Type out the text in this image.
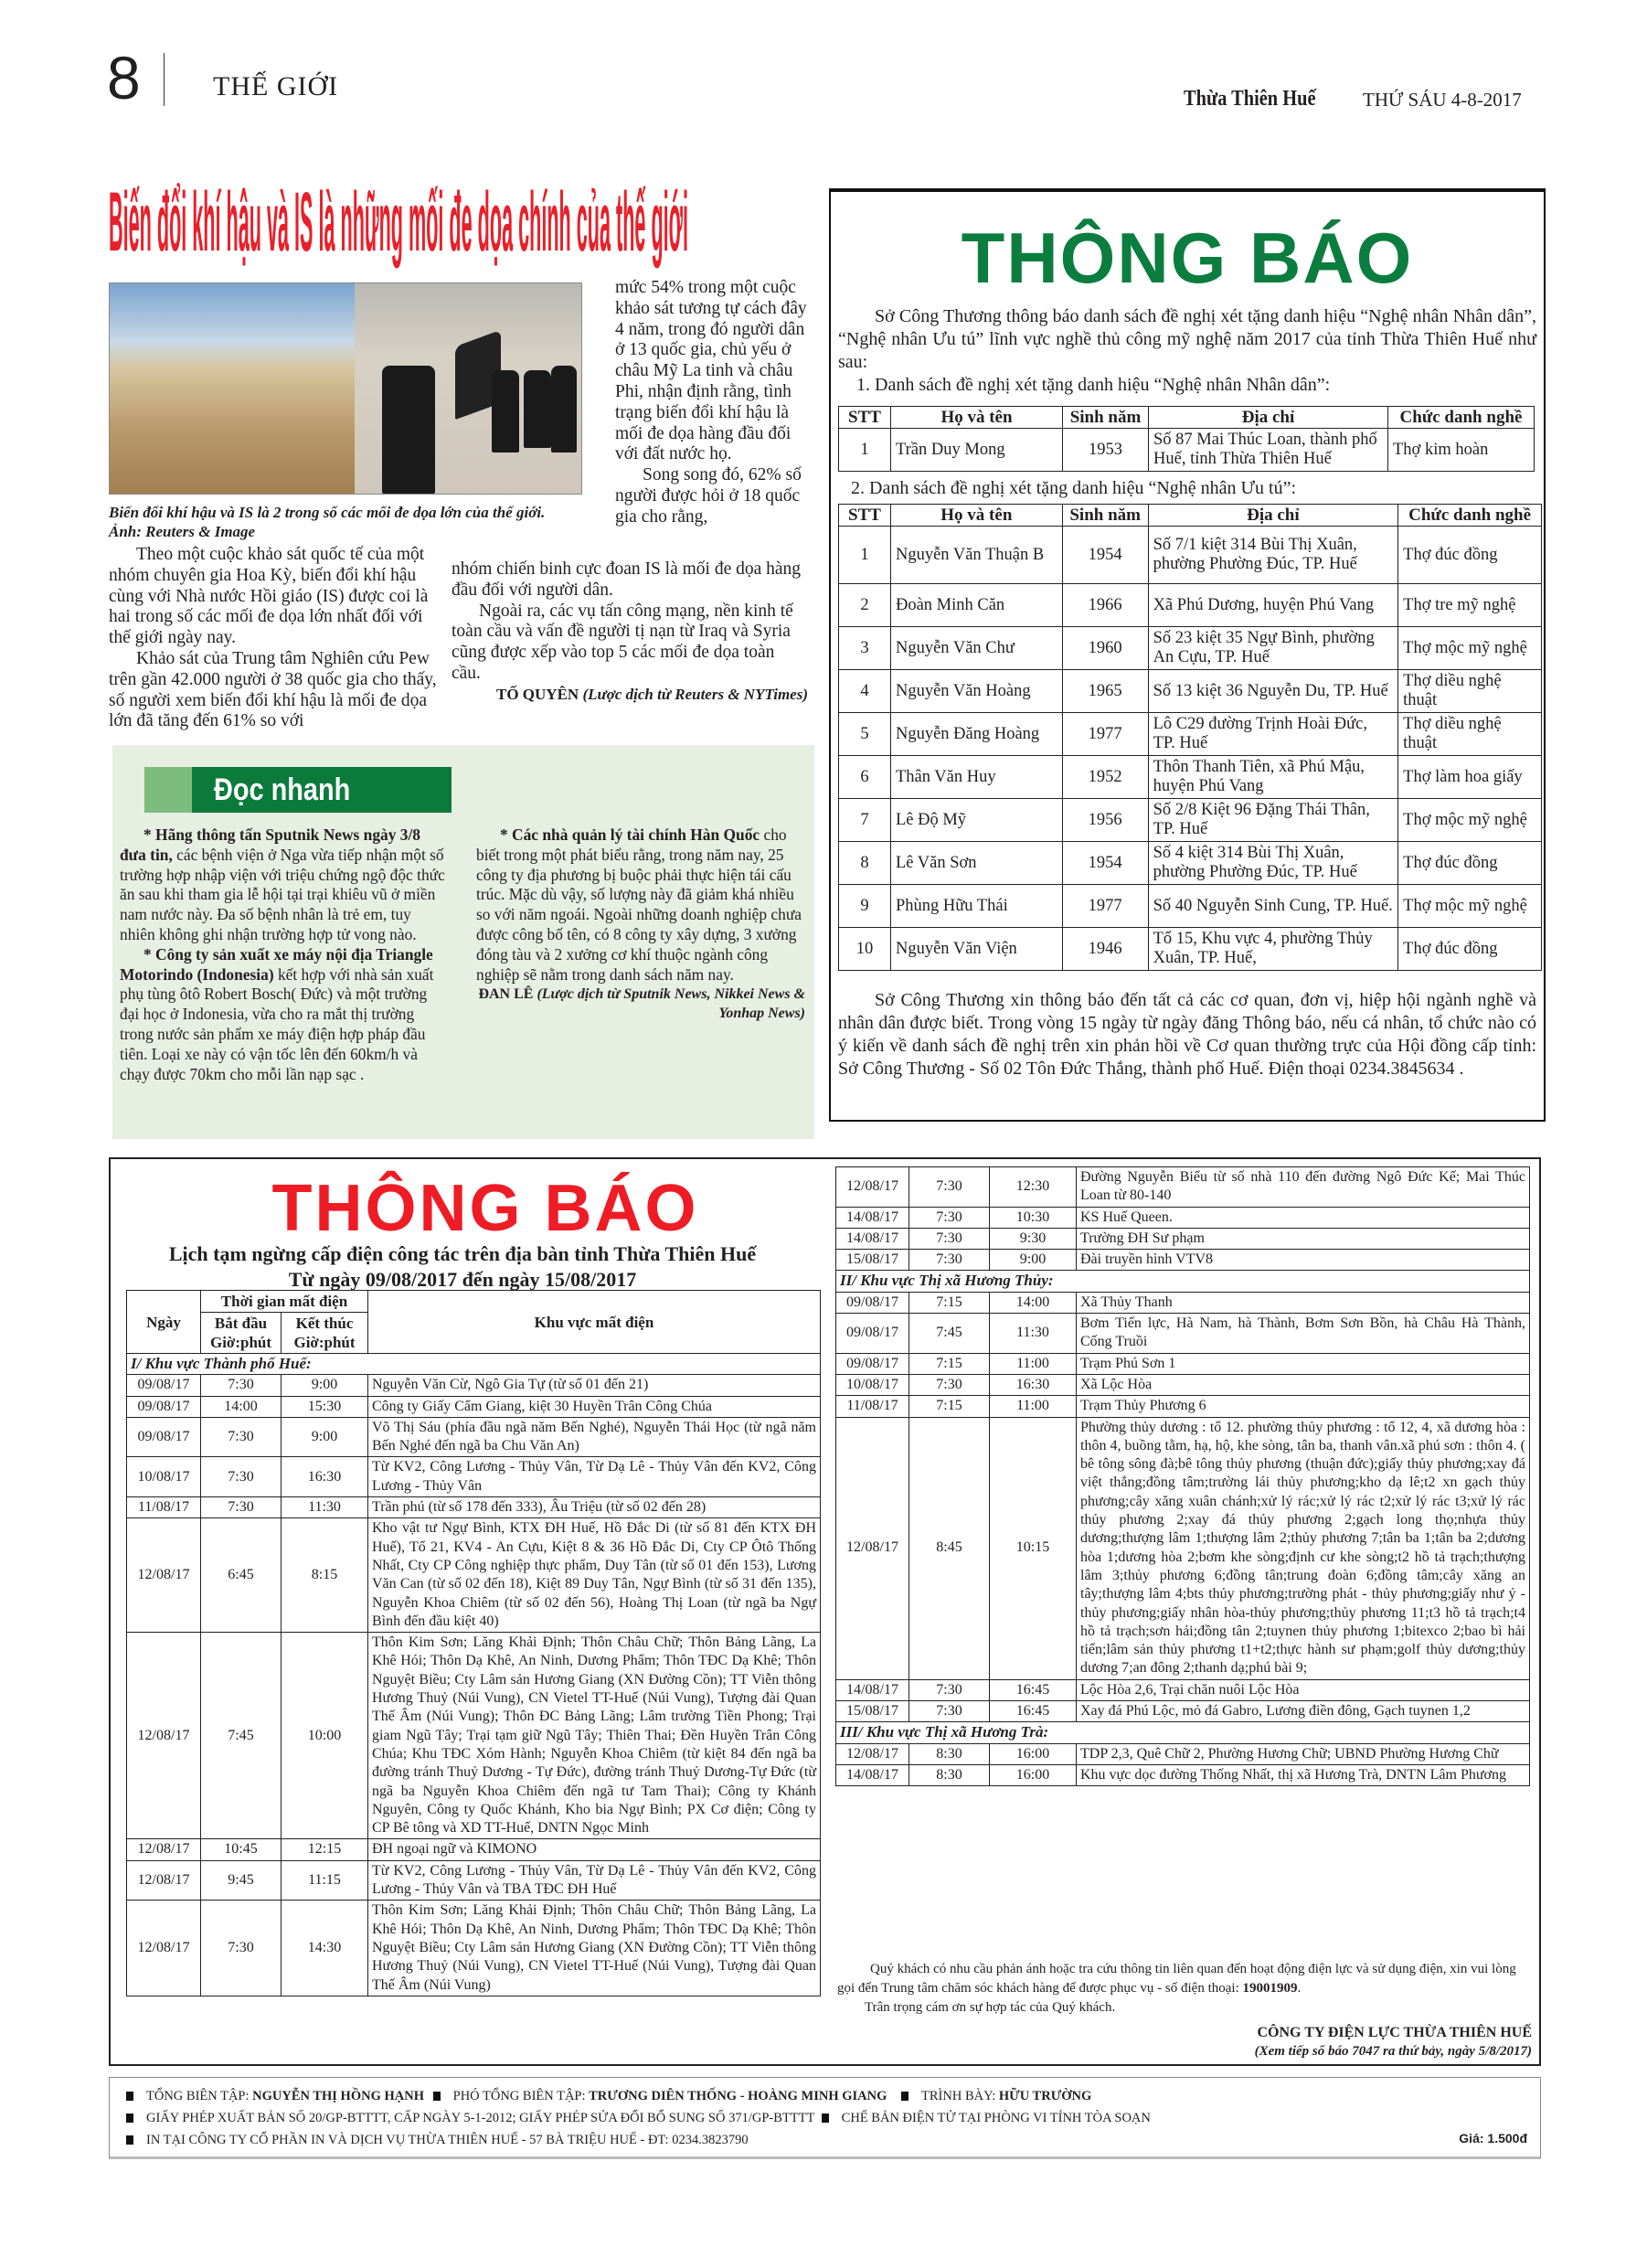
8	THẾ GIỚI	Thừa Thiên Huế THỨ SÁU 4-8-2017
Biến đổi khí hậu và IS là những mối đe dọa chính của thế giới
Biến đổi khí hậu và IS là 2 trong số các mối đe dọa lớn của thế giới.
Ảnh: Reuters & Image

Theo một cuộc khảo sát quốc tế của một nhóm chuyên gia Hoa Kỳ, biến đổi khí hậu cùng với Nhà nước Hồi giáo (IS) được coi là hai trong số các mối đe dọa lớn nhất đối với thế giới ngày nay.

Khảo sát của Trung tâm Nghiên cứu Pew trên gần 42.000 người ở 38 quốc gia cho thấy, số người xem biến đổi khí hậu là mối đe dọa lớn đã tăng đến 61% so với

mức 54% trong một cuộc khảo sát tương tự cách đây 4 năm, trong đó người dân ở 13 quốc gia, chủ yếu ở châu Mỹ La tinh và châu Phi, nhận định rằng, tình trạng biến đổi khí hậu là mối đe dọa hàng đầu đối với đất nước họ.

Song song đó, 62% số người được hỏi ở 18 quốc gia cho rằng,

nhóm chiến binh cực đoan IS là mối đe dọa hàng đầu đối với người dân.

Ngoài ra, các vụ tấn công mạng, nền kinh tế toàn cầu và vấn đề người tị nạn từ Iraq và Syria cũng được xếp vào top 5 các mối đe dọa toàn cầu.

TỐ QUYÊN (Lược dịch từ Reuters & NYTimes)
Đọc nhanh

* Hãng thông tấn Sputnik News ngày 3/8 đưa tin, các bệnh viện ở Nga vừa tiếp nhận một số trường hợp nhập viện với triệu chứng ngộ độc thức ăn sau khi tham gia lễ hội tại trại khiêu vũ ở miền nam nước này. Đa số bệnh nhân là trẻ em, tuy nhiên không ghi nhận trường hợp tử vong nào.

* Công ty sản xuất xe máy nội địa Triangle Motorindo (Indonesia) kết hợp với nhà sản xuất phụ tùng ôtô Robert Bosch( Đức) và một trường đại học ở Indonesia, vừa cho ra mắt thị trường trong nước sản phẩm xe máy điện hợp pháp đầu tiên. Loại xe này có vận tốc lên đến 60km/h và chạy được 70km cho mỗi lần nạp sạc .

* Các nhà quản lý tài chính Hàn Quốc cho biết trong một phát biểu rằng, trong năm nay, 25 công ty địa phương bị buộc phải thực hiện tái cấu trúc. Mặc dù vậy, số lượng này đã giảm khá nhiều so với năm ngoái. Ngoài những doanh nghiệp chưa được công bố tên, có 8 công ty xây dựng, 3 xưởng đóng tàu và 2 xưởng cơ khí thuộc ngành công nghiệp sẽ nằm trong danh sách năm nay.

ĐAN LÊ (Lược dịch từ Sputnik News, Nikkei News & Yonhap News)
THÔNG BÁO

Sở Công Thương thông báo danh sách đề nghị xét tặng danh hiệu “Nghệ nhân Nhân dân”, “Nghệ nhân Ưu tú” lĩnh vực nghề thủ công mỹ nghệ năm 2017 của tỉnh Thừa Thiên Huế như sau:

1. Danh sách đề nghị xét tặng danh hiệu “Nghệ nhân Nhân dân”:

STT	Họ và tên	Sinh năm	Địa chỉ	Chức danh nghề
1	Trần Duy Mong	1953	Số 87 Mai Thúc Loan, thành phố Huế, tỉnh Thừa Thiên Huế	Thợ kim hoàn

2. Danh sách đề nghị xét tặng danh hiệu “Nghệ nhân Ưu tú”:

STT	Họ và tên	Sinh năm	Địa chỉ	Chức danh nghề
1	Nguyễn Văn Thuận B	1954	Số 7/1 kiệt 314 Bùi Thị Xuân, phường Phường Đúc, TP. Huế	Thợ đúc đồng
2	Đoàn Minh Căn	1966	Xã Phú Dương, huyện Phú Vang	Thợ tre mỹ nghệ
3	Nguyễn Văn Chư	1960	Số 23 kiệt 35 Ngự Bình, phường An Cựu, TP. Huế	Thợ mộc mỹ nghệ
4	Nguyễn Văn Hoàng	1965	Số 13 kiệt 36 Nguyễn Du, TP. Huế	Thợ diều nghệ thuật
5	Nguyễn Đăng Hoàng	1977	Lô C29 đường Trịnh Hoài Đức, TP. Huế	Thợ diều nghệ thuật
6	Thân Văn Huy	1952	Thôn Thanh Tiên, xã Phú Mậu, huyện Phú Vang	Thợ làm hoa giấy
7	Lê Độ Mỹ	1956	Số 2/8 Kiệt 96 Đặng Thái Thân, TP. Huế	Thợ mộc mỹ nghệ
8	Lê Văn Sơn	1954	Số 4 kiệt 314 Bùi Thị Xuân, phường Phường Đúc, TP. Huế	Thợ đúc đồng
9	Phùng Hữu Thái	1977	Số 40 Nguyễn Sinh Cung, TP. Huế.	Thợ mộc mỹ nghệ
10	Nguyễn Văn Viện	1946	Tổ 15, Khu vực 4, phường Thủy Xuân, TP. Huế,	Thợ đúc đồng

Sở Công Thương xin thông báo đến tất cả các cơ quan, đơn vị, hiệp hội ngành nghề và nhân dân được biết. Trong vòng 15 ngày từ ngày đăng Thông báo, nếu cá nhân, tổ chức nào có ý kiến về danh sách đề nghị trên xin phản hồi về Cơ quan thường trực của Hội đồng cấp tỉnh: Sở Công Thương - Số 02 Tôn Đức Thắng, thành phố Huế. Điện thoại 0234.3845634 .

THÔNG BÁO
Lịch tạm ngừng cấp điện công tác trên địa bàn tỉnh Thừa Thiên Huế
Từ ngày 09/08/2017 đến ngày 15/08/2017
Ngày	Thời gian mất điện		Khu vực mất điện
	Bắt đầu Giờ:phút	Kết thúc Giờ:phút	
I/ Khu vực Thành phố Huế:			
09/08/17	7:30	9:00	Nguyễn Văn Cừ, Ngô Gia Tự (từ số 01 đến 21)
09/08/17	14:00	15:30	Công ty Giấy Cẩm Giang, kiệt 30 Huyền Trân Công Chúa
09/08/17	7:30	9:00	Võ Thị Sáu (phía đầu ngã năm Bến Nghé), Nguyễn Thái Học (từ ngã năm Bến Nghé đến ngã ba Chu Văn An)
10/08/17	7:30	16:30	Từ KV2, Công Lương - Thủy Vân, Từ Dạ Lê - Thủy Vân đến KV2, Công Lương - Thủy Vân
11/08/17	7:30	11:30	Trần phú (từ số 178 đến 333), Âu Triệu (từ số 02 đến 28)
12/08/17	6:45	8:15	Kho vật tư Ngự Bình, KTX ĐH Huế, Hồ Đắc Di (từ số 81 đến KTX ĐH Huế), Tổ 21, KV4 - An Cựu, Kiệt 8 & 36 Hồ Đắc Di, Cty CP Ôtô Thống Nhất, Cty CP Công nghiệp thực phẩm, Duy Tân (từ số 01 đến 153), Lương Văn Can (từ số 02 đến 18), Kiệt 89 Duy Tân, Ngự Bình (từ số 31 đến 135), Nguyễn Khoa Chiêm (từ số 02 đến 56), Hoàng Thị Loan (từ ngã ba Ngự Bình đến đầu kiệt 40)
12/08/17	7:45	10:00	Thôn Kim Sơn; Lăng Khải Định; Thôn Châu Chữ; Thôn Bảng Lãng, La Khê Hói; Thôn Dạ Khê, An Ninh, Dương Phẩm; Thôn TĐC Dạ Khê; Thôn Nguyệt Biều; Cty Lâm sản Hương Giang (XN Đường Cồn); TT Viễn thông Hương Thuỷ (Núi Vung), CN Vietel TT-Huế (Núi Vung), Tượng đài Quan Thế Âm (Núi Vung); Thôn ĐC Bảng Lãng; Lâm trường Tiền Phong; Trại giam Ngũ Tây; Trại tạm giữ Ngũ Tây; Thiên Thai; Đền Huyền Trân Công Chúa; Khu TĐC Xóm Hành; Nguyễn Khoa Chiêm (từ kiệt 84 đến ngã ba đường tránh Thuỷ Dương - Tự Đức), đường tránh Thuỷ Dương-Tự Đức (từ ngã ba Nguyễn Khoa Chiêm đến ngã tư Tam Thai); Công ty Khánh Nguyên, Công ty Quốc Khánh, Kho bia Ngự Bình; PX Cơ điện; Công ty CP Bê tông và XD TT-Huế, DNTN Ngọc Minh
12/08/17	10:45	12:15	ĐH ngoại ngữ và KIMONO
12/08/17	9:45	11:15	Từ KV2, Công Lương - Thủy Vân, Từ Dạ Lê - Thủy Vân đến KV2, Công Lương - Thủy Vân và TBA TĐC ĐH Huế
12/08/17	7:30	14:30	Thôn Kim Sơn; Lăng Khải Định; Thôn Châu Chữ; Thôn Bảng Lãng, La Khê Hói; Thôn Dạ Khê, An Ninh, Dương Phẩm; Thôn TĐC Dạ Khê; Thôn Nguyệt Biều; Cty Lâm sản Hương Giang (XN Đường Cồn); TT Viễn thông Hương Thuỷ (Núi Vung), CN Vietel TT-Huế (Núi Vung), Tượng đài Quan Thế Âm (Núi Vung)
12/08/17	7:30	12:30	Đường Nguyễn Biểu từ số nhà 110 đến đường Ngô Đức Kế; Mai Thúc Loan từ 80-140
14/08/17	7:30	10:30	KS Huế Queen.
14/08/17	7:30	9:30	Trường ĐH Sư phạm
15/08/17	7:30	9:00	Đài truyền hình VTV8
II/ Khu vực Thị xã Hương Thủy:			
09/08/17	7:15	14:00	Xã Thủy Thanh
09/08/17	7:45	11:30	Bơm Tiến lực, Hà Nam, hà Thành, Bơm Sơn Bồn, hà Châu Hà Thành, Cống Truồi
09/08/17	7:15	11:00	Trạm Phú Sơn 1
10/08/17	7:30	16:30	Xã Lộc Hòa
11/08/17	7:15	11:00	Trạm Thủy Phương 6
12/08/17	8:45	10:15	Phường thủy dương : tổ 12. phường thủy phương : tổ 12, 4, xã dương hòa : thôn 4, buồng tằm, hạ, hộ, khe sòng, tân ba, thanh vân.xã phú sơn : thôn 4. ( bê tông sông đà;bê tông thủy phương (thuận đức);giấy thủy phương;xay đá việt thắng;đồng tâm;trường lái thủy phương;kho dạ lê;t2 xn gạch thủy phương;cây xăng xuân chánh;xử lý rác;xử lý rác t2;xử lý rác t3;xử lý rác thủy phương 2;xay đá thủy phương 2;gạch long thọ;nhựa thủy dương;thượng lâm 1;thượng lâm 2;thủy phương 7;tân ba 1;tân ba 2;dương hòa 1;dương hòa 2;bơm khe sòng;định cư khe sòng;t2 hồ tả trạch;thượng lâm 3;thủy phương 6;đồng tân;trung đoàn 6;đồng tâm;cây xăng an tây;thượng lâm 4;bts thủy phương;trường phát - thủy phương;giấy như ý - thủy phương;giấy nhân hòa-thủy phương;thủy phương 11;t3 hồ tả trạch;t4 hồ tả trạch;sơn hải;đồng tân 2;tuynen thủy phương 1;bitexco 2;bao bì hải tiến;lâm sản thủy phương t1+t2;thực hành sư phạm;golf thủy dương;thủy dương 7;an đông 2;thanh dạ;phú bài 9;
14/08/17	7:30	16:45	Lộc Hòa 2,6, Trại chăn nuôi Lộc Hòa
15/08/17	7:30	16:45	Xay đá Phú Lộc, mỏ đá Gabro, Lương điền đông, Gạch tuynen 1,2
III/ Khu vực Thị xã Hương Trà:			
12/08/17	8:30	16:00	TDP 2,3, Quê Chữ 2, Phường Hương Chữ; UBND Phường Hương Chữ
14/08/17	8:30	16:00	Khu vực dọc đường Thống Nhất, thị xã Hương Trà, DNTN Lâm Phương

Quý khách có nhu cầu phản ánh hoặc tra cứu thông tin liên quan đến hoạt động điện lực và sử dụng điện, xin vui lòng gọi đến Trung tâm chăm sóc khách hàng để được phục vụ - số điện thoại: 19001909.

Trân trọng cám ơn sự hợp tác của Quý khách.

CÔNG TY ĐIỆN LỰC THỪA THIÊN HUẾ

(Xem tiếp số báo 7047 ra thứ bảy, ngày 5/8/2017)

TỔNG BIÊN TẬP: NGUYỄN THỊ HỒNG HẠNH PHÓ TỔNG BIÊN TẬP: TRƯƠNG DIÊN THỐNG - HOÀNG MINH GIANG	TRÌNH BÀY: HỮU TRƯỜNG
GIẤY PHÉP XUẤT BẢN SỐ 20/GP-BTTTT, CẤP NGÀY 5-1-2012; GIẤY PHÉP SỬA ĐỔI BỔ SUNG SỐ 371/GP-BTTTT CHẾ BẢN ĐIỆN TỬ TẠI PHÒNG VI TÍNH TÒA SOẠN
IN TẠI CÔNG TY CỔ PHẦN IN VÀ DỊCH VỤ THỪA THIÊN HUẾ - 57 BÀ TRIỆU HUẾ - ĐT: 0234.3823790	Giá: 1.500đ
